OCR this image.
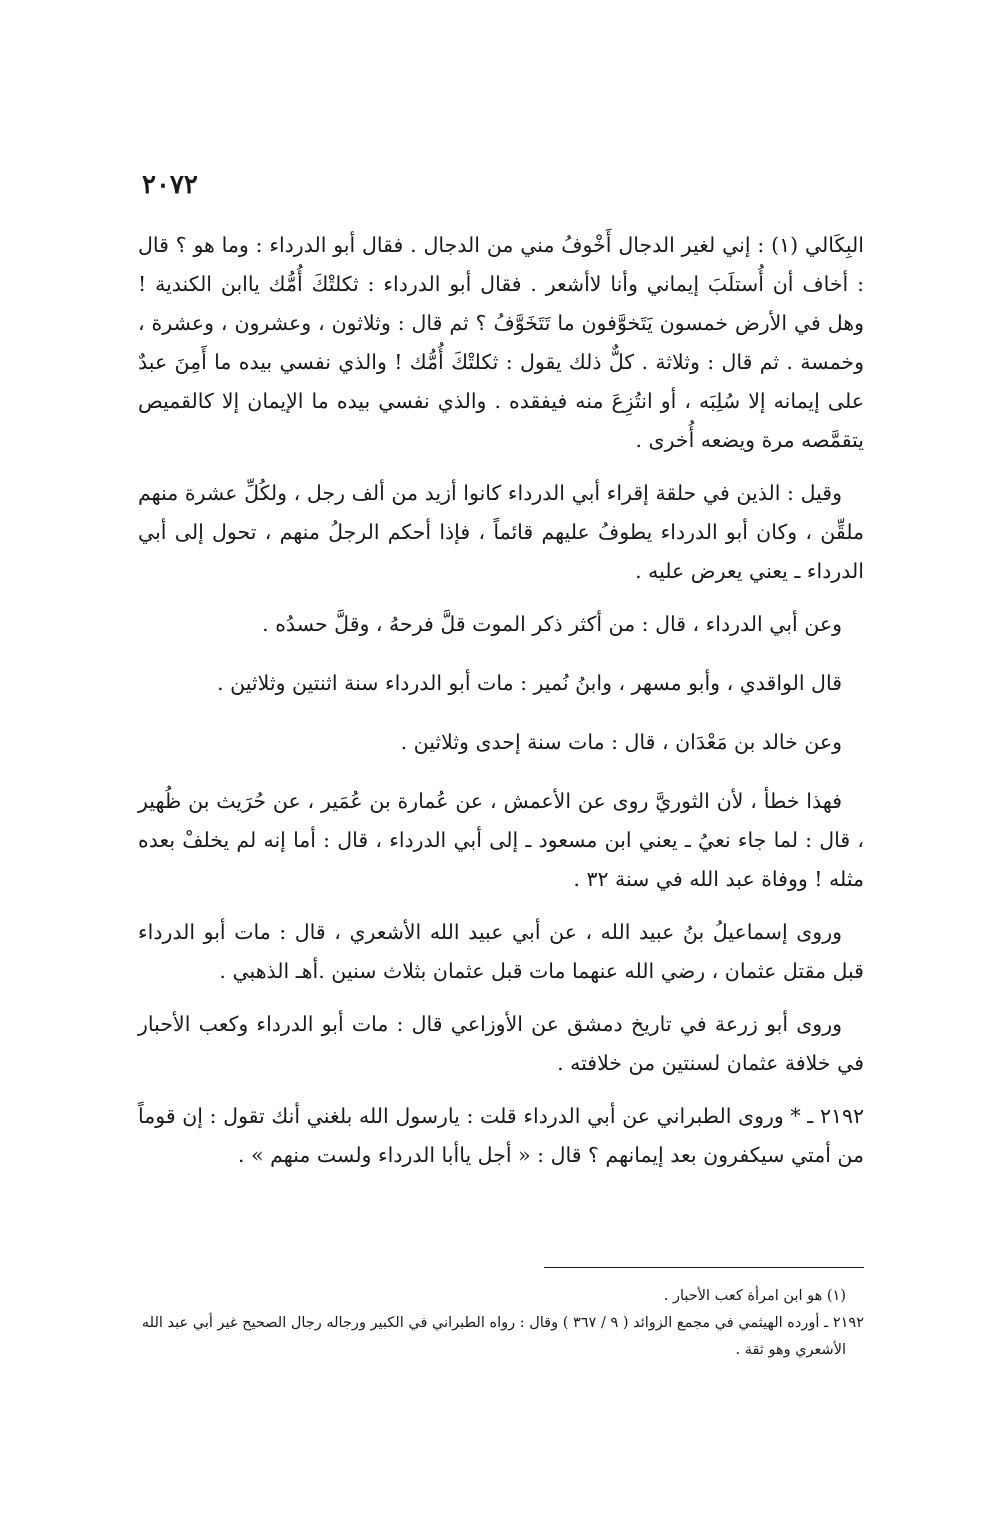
٢٠٧٢

البِكَالي (١) : إني لغير الدجال أَخْوفُ مني من الدجال . فقال أبو الدرداء : وما هو ؟ قال : أخاف أن أُستلَبَ إيماني وأنا لاأشعر . فقال أبو الدرداء : ثكلتْكَ أُمُّك ياابن الكندية ! وهل في الأرض خمسون يَتَخوَّفون ما تَتَخَوَّفُ ؟ ثم قال : وثلاثون ، وعشرون ، وعشرة ، وخمسة . ثم قال : وثلاثة . كلٌّ ذلك يقول : ثكلتْكَ أُمُّك ! والذي نفسي بيده ما أَمِنَ عبدٌ على إيمانه إلا سُلِبَه ، أو انتُزِعَ منه فيفقده . والذي نفسي بيده ما الإيمان إلا كالقميص يتقمَّصه مرة ويضعه أُخرى .

وقيل : الذين في حلقة إقراء أبي الدرداء كانوا أزيد من ألف رجل ، ولكُلِّ عشرة منهم ملقِّن ، وكان أبو الدرداء يطوفُ عليهم قائماً ، فإذا أحكم الرجلُ منهم ، تحول إلى أبي الدرداء ـ يعني يعرض عليه .

وعن أبي الدرداء ، قال : من أكثر ذكر الموت قلَّ فرحهُ ، وقلَّ حسدُه .

قال الواقدي ، وأبو مسهر ، وابنُ نُمير : مات أبو الدرداء سنة اثنتين وثلاثين .

وعن خالد بن مَعْدَان ، قال : مات سنة إحدى وثلاثين .

فهذا خطأ ، لأن الثوريَّ روى عن الأعمش ، عن عُمارة بن عُمَير ، عن حُرَيث بن ظُهير ، قال : لما جاء نعيُ ـ يعني ابن مسعود ـ إلى أبي الدرداء ، قال : أما إنه لم يخلفْ بعده مثله ! ووفاة عبد الله في سنة ٣٢ .

وروى إسماعيلُ بنُ عبيد الله ، عن أبي عبيد الله الأشعري ، قال : مات أبو الدرداء قبل مقتل عثمان ، رضي الله عنهما مات قبل عثمان بثلاث سنين .أهـ الذهبي .

وروى أبو زرعة في تاريخ دمشق عن الأوزاعي قال : مات أبو الدرداء وكعب الأحبار في خلافة عثمان لسنتين من خلافته .

٢١٩٢ ـ * وروى الطبراني عن أبي الدرداء قلت : يارسول الله بلغني أنك تقول : إن قوماً من أمتي سيكفرون بعد إيمانهم ؟ قال : « أجل ياأبا الدرداء ولست منهم » .

(١) هو ابن امرأة كعب الأحبار .

٢١٩٢ ـ أورده الهيثمي في مجمع الزوائد ( ٩ / ٣٦٧ ) وقال : رواه الطبراني في الكبير ورجاله رجال الصحيح غير أبي عبد الله

الأشعري وهو ثقة .
